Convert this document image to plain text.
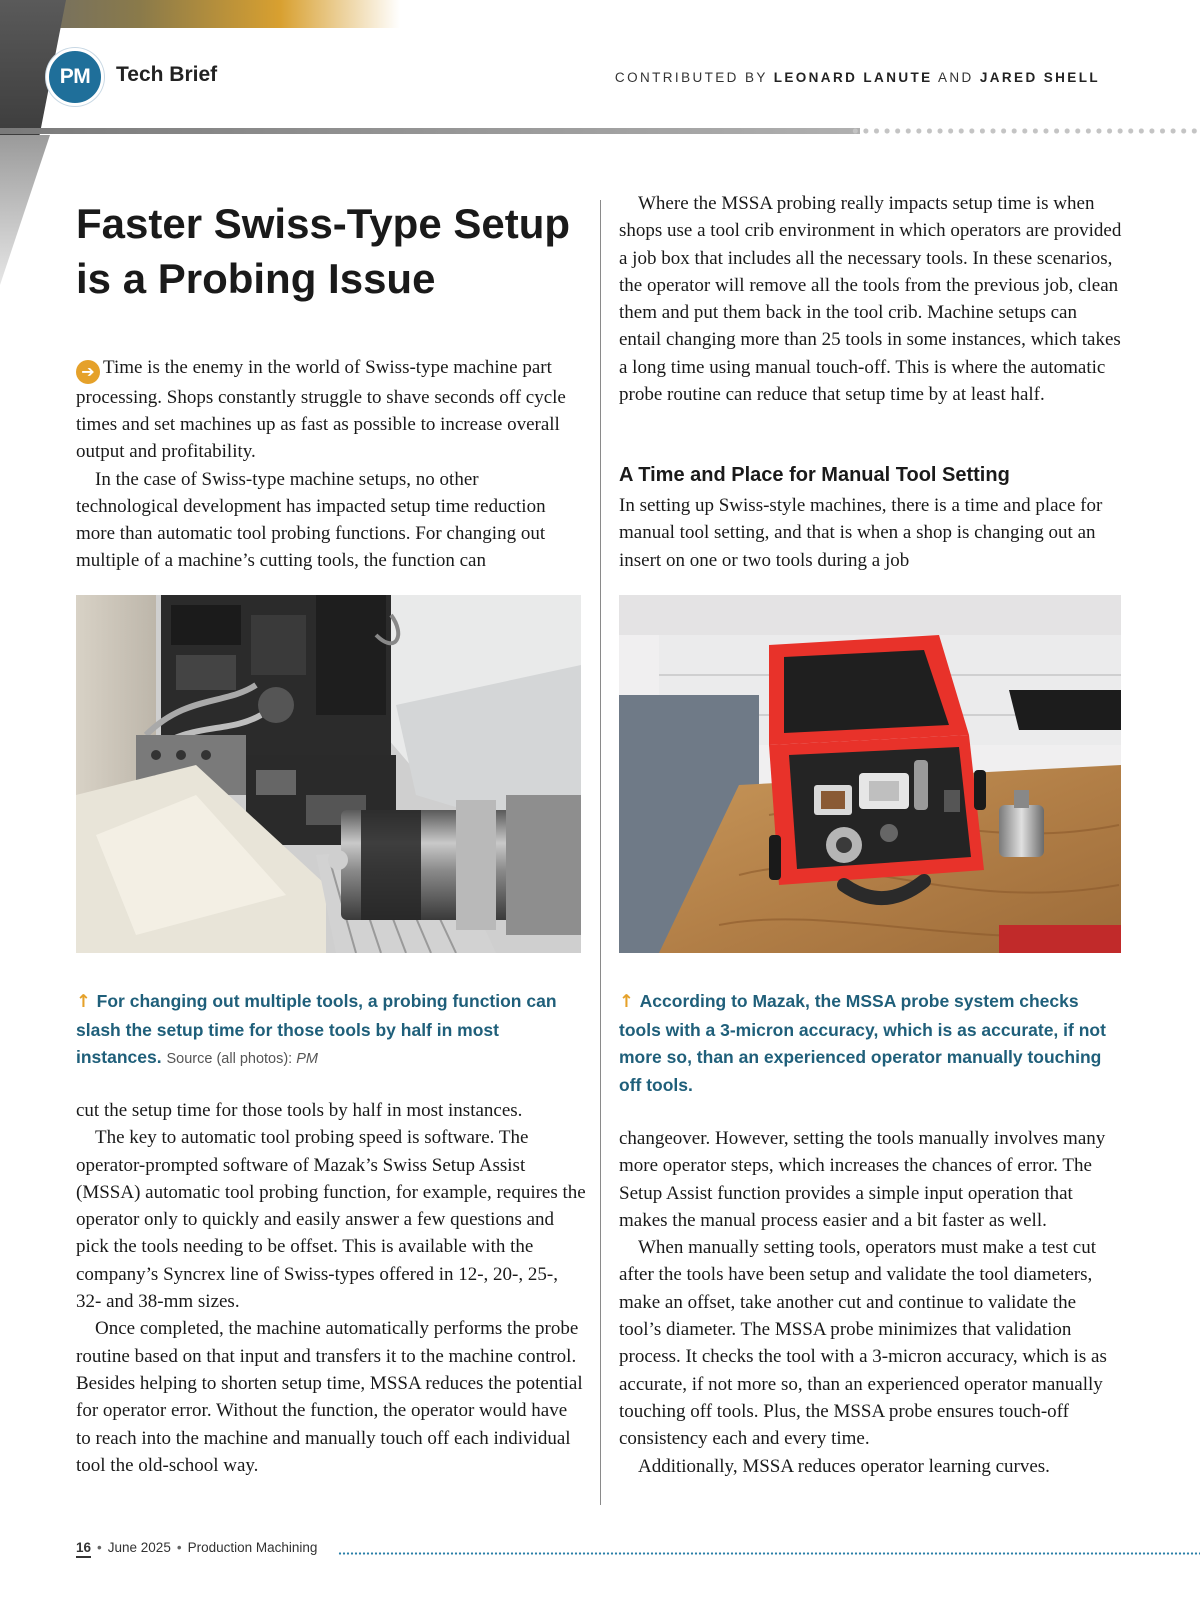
PM Tech Brief	CONTRIBUTED BY LEONARD LANUTE AND JARED SHELL
Faster Swiss-Type Setup
is a Probing Issue

➔ Time is the enemy in the world of Swiss-type machine part processing. Shops constantly struggle to shave seconds off cycle times and set machines up as fast as possible to increase overall output and profitability.

In the case of Swiss-type machine setups, no other technological development has impacted setup time reduction more than automatic tool probing functions. For changing out multiple of a machine’s cutting tools, the function can

Where the MSSA probing really impacts setup time is when shops use a tool crib environment in which operators are provided a job box that includes all the necessary tools. In these scenarios, the operator will remove all the tools from the previous job, clean them and put them back in the tool crib. Machine setups can entail changing more than 25 tools in some instances, which takes a long time using manual touch-off. This is where the automatic probe routine can reduce that setup time by at least half.

A Time and Place for Manual Tool Setting

In setting up Swiss-style machines, there is a time and place for manual tool setting, and that is when a shop is changing out an insert on one or two tools during a job

↑ For changing out multiple tools, a probing function can slash the setup time for those tools by half in most instances. Source (all photos): PM
↑ According to Mazak, the MSSA probe system checks tools with a 3-micron accuracy, which is as accurate, if not more so, than an experienced operator manually touching off tools.

cut the setup time for those tools by half in most instances.

The key to automatic tool probing speed is software. The operator-prompted software of Mazak’s Swiss Setup Assist (MSSA) automatic tool probing function, for example, requires the operator only to quickly and easily answer a few questions and pick the tools needing to be offset. This is available with the company’s Syncrex line of Swiss-types offered in 12-, 20-, 25-, 32- and 38-mm sizes.

Once completed, the machine automatically performs the probe routine based on that input and transfers it to the machine control. Besides helping to shorten setup time, MSSA reduces the potential for operator error. Without the function, the operator would have to reach into the machine and manually touch off each individual tool the old-school way.

changeover. However, setting the tools manually involves many more operator steps, which increases the chances of error. The Setup Assist function provides a simple input operation that makes the manual process easier and a bit faster as well.

When manually setting tools, operators must make a test cut after the tools have been setup and validate the tool diameters, make an offset, take another cut and continue to validate the tool’s diameter. The MSSA probe minimizes that validation process. It checks the tool with a 3-micron accuracy, which is as accurate, if not more so, than an experienced operator manually touching off tools. Plus, the MSSA probe ensures touch-off consistency each and every time.

Additionally, MSSA reduces operator learning curves.

16 • June 2025 • Production Machining
